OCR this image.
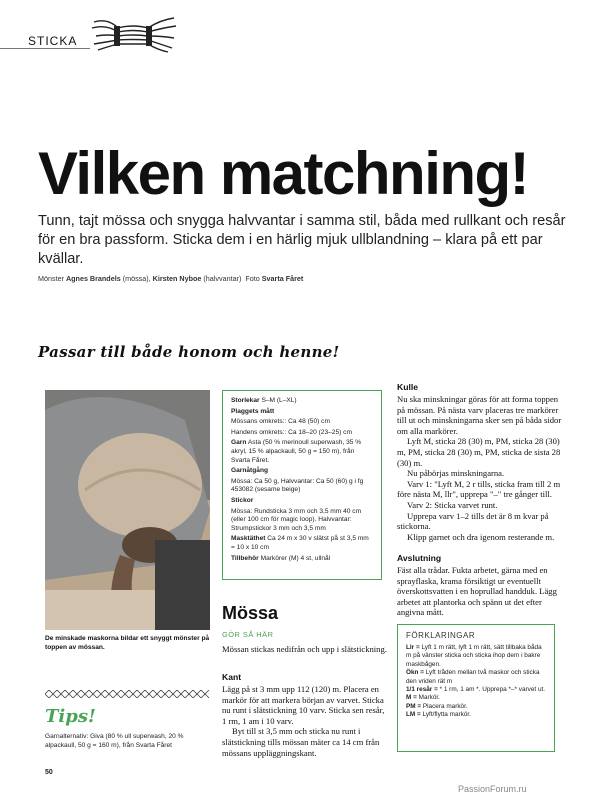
STICKA
Vilken matchning!
Tunn, tajt mössa och snygga halvvantar i samma stil, båda med rullkant och resår för en bra passform. Sticka dem i en härlig mjuk ullblandning – klara på ett par kvällar.
Mönster Agnes Brandels (mössa), Kirsten Nyboe (halvvantar) Foto Svarta Fåret
Passar till både honom och henne!
De minskade maskorna bildar ett snyggt mönster på toppen av mössan.
Tips!
Garnalternativ: Giva (80 % ull superwash, 20 % alpackaull, 50 g = 160 m), från Svarta Fåret
50
Storlekar S–M (L–XL)
Plaggets mått
Mössans omkrets:: Ca 48 (50) cm
Handens omkrets:: Ca 18–20 (23–25) cm
Garn Asta (50 % merinoull superwash, 35 % akryl, 15 % alpackaull, 50 g = 150 m), från Svarta Fåret.
Garnåtgång
Mössa: Ca 50 g, Halvvantar: Ca 50 (60) g i fg 453082 (sesame beige)
Stickor
Mössa: Rundsticka 3 mm och 3,5 mm 40 cm (eller 100 cm för magic loop). Halvvantar: Strumpstickor 3 mm och 3,5 mm
Masktäthet Ca 24 m x 30 v slätst på st 3,5 mm = 10 x 10 cm
Tillbehör Markörer (M) 4 st, ullnål
Mössa
GÖR SÅ HÄR
Mössan stickas nedifrån och upp i slätstickning.
Kant

Lägg på st 3 mm upp 112 (120) m. Placera en markör för att markera början av varvet. Sticka nu runt i slätstickning 10 varv. Sticka sen resår, 1 rm, 1 am i 10 varv.

Byt till st 3,5 mm och sticka nu runt i slätstickning tills mössan mäter ca 14 cm från mössans uppläggningskant.

Kulle

Nu ska minskningar göras för att forma toppen på mössan. På nästa varv placeras tre markörer till ut och minskningarna sker sen på båda sidor om alla markörer.

Lyft M, sticka 28 (30) m, PM, sticka 28 (30) m, PM, sticka 28 (30) m, PM, sticka de sista 28 (30) m.

Nu påbörjas minskningarna.

Varv 1: "Lyft M, 2 r tills, sticka fram till 2 m före nästa M, llr", upprepa "–" tre gånger till.

Varv 2: Sticka varvet runt.

Upprepa varv 1–2 tills det är 8 m kvar på stickorna.

Klipp garnet och dra igenom resterande m.

Avslutning
Fäst alla trådar. Fukta arbetet, gärna med en sprayflaska, krama försiktigt ur eventuellt överskottsvatten i en hoprullad handduk. Lägg arbetet att plantorka och spänn ut det efter angivna mått.
FÖRKLARINGAR
Llr = Lyft 1 m rätt, lyft 1 m rätt, sätt tillbaka båda m på vänster sticka och sticka ihop dem i bakre maskbågen.
Ökn = Lyft tråden mellan två maskor och sticka den vriden rät m
1/1 resår = * 1 rm, 1 am *. Upprepa *–* varvet ut.
M = Markör.
PM = Placera markör.
LM = Lyft/flytta markör.
PassionForum.ru
